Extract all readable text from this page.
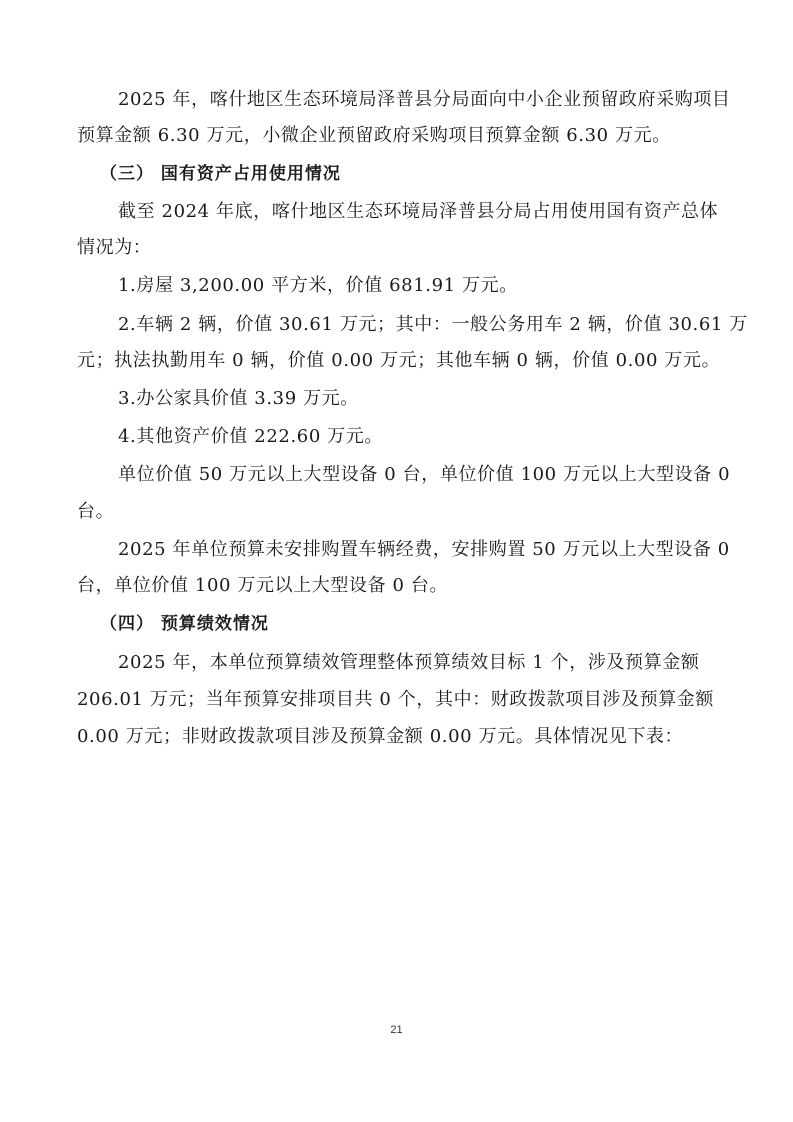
2025 年，喀什地区生态环境局泽普县分局面向中小企业预留政府采购项目
预算金额 6.30 万元，小微企业预留政府采购项目预算金额 6.30 万元。
（三） 国有资产占用使用情况
截至 2024 年底，喀什地区生态环境局泽普县分局占用使用国有资产总体
情况为：
1.房屋 3,200.00 平方米，价值 681.91 万元。
2.车辆 2 辆，价值 30.61 万元；其中：一般公务用车 2 辆，价值 30.61 万
元；执法执勤用车 0 辆，价值 0.00 万元；其他车辆 0 辆，价值 0.00 万元。
3.办公家具价值 3.39 万元。
4.其他资产价值 222.60 万元。
单位价值 50 万元以上大型设备 0 台，单位价值 100 万元以上大型设备 0
台。
2025 年单位预算未安排购置车辆经费，安排购置 50 万元以上大型设备 0
台，单位价值 100 万元以上大型设备 0 台。
（四） 预算绩效情况
2025 年，本单位预算绩效管理整体预算绩效目标 1 个，涉及预算金额
206.01 万元；当年预算安排项目共 0 个，其中：财政拨款项目涉及预算金额
0.00 万元；非财政拨款项目涉及预算金额 0.00 万元。具体情况见下表：
21
